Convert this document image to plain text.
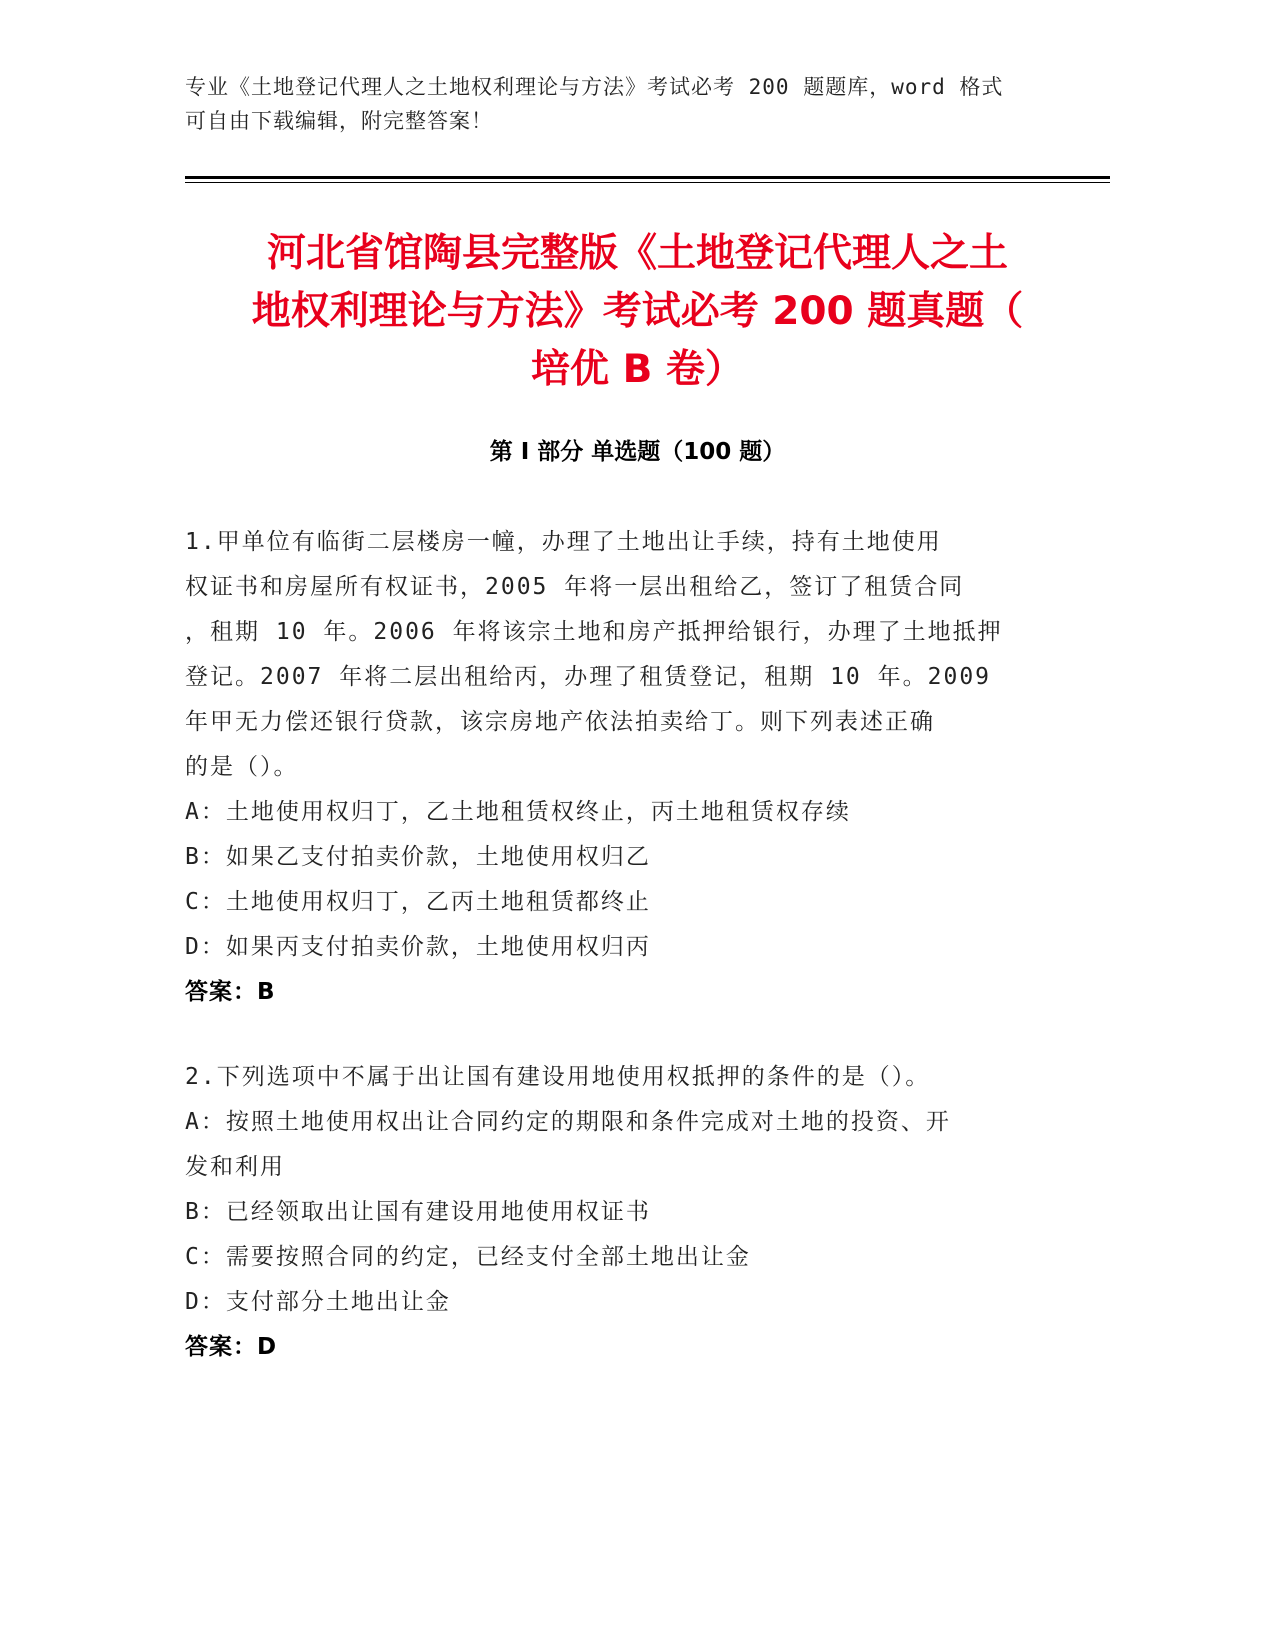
专业《土地登记代理人之土地权利理论与方法》考试必考 200 题题库，word 格式
可自由下载编辑，附完整答案！
河北省馆陶县完整版《土地登记代理人之土
地权利理论与方法》考试必考 200 题真题（
培优 B 卷）
第 I 部分 单选题（100 题）
1.甲单位有临街二层楼房一幢，办理了土地出让手续，持有土地使用
权证书和房屋所有权证书，2005 年将一层出租给乙，签订了租赁合同
，租期 10 年。2006 年将该宗土地和房产抵押给银行，办理了土地抵押
登记。2007 年将二层出租给丙，办理了租赁登记，租期 10 年。2009
年甲无力偿还银行贷款，该宗房地产依法拍卖给丁。则下列表述正确
的是（）。
A：土地使用权归丁，乙土地租赁权终止，丙土地租赁权存续
B：如果乙支付拍卖价款，土地使用权归乙
C：土地使用权归丁，乙丙土地租赁都终止
D：如果丙支付拍卖价款，土地使用权归丙
答案：B
2.下列选项中不属于出让国有建设用地使用权抵押的条件的是（）。
A：按照土地使用权出让合同约定的期限和条件完成对土地的投资、开
发和利用
B：已经领取出让国有建设用地使用权证书
C：需要按照合同的约定，已经支付全部土地出让金
D：支付部分土地出让金
答案：D
